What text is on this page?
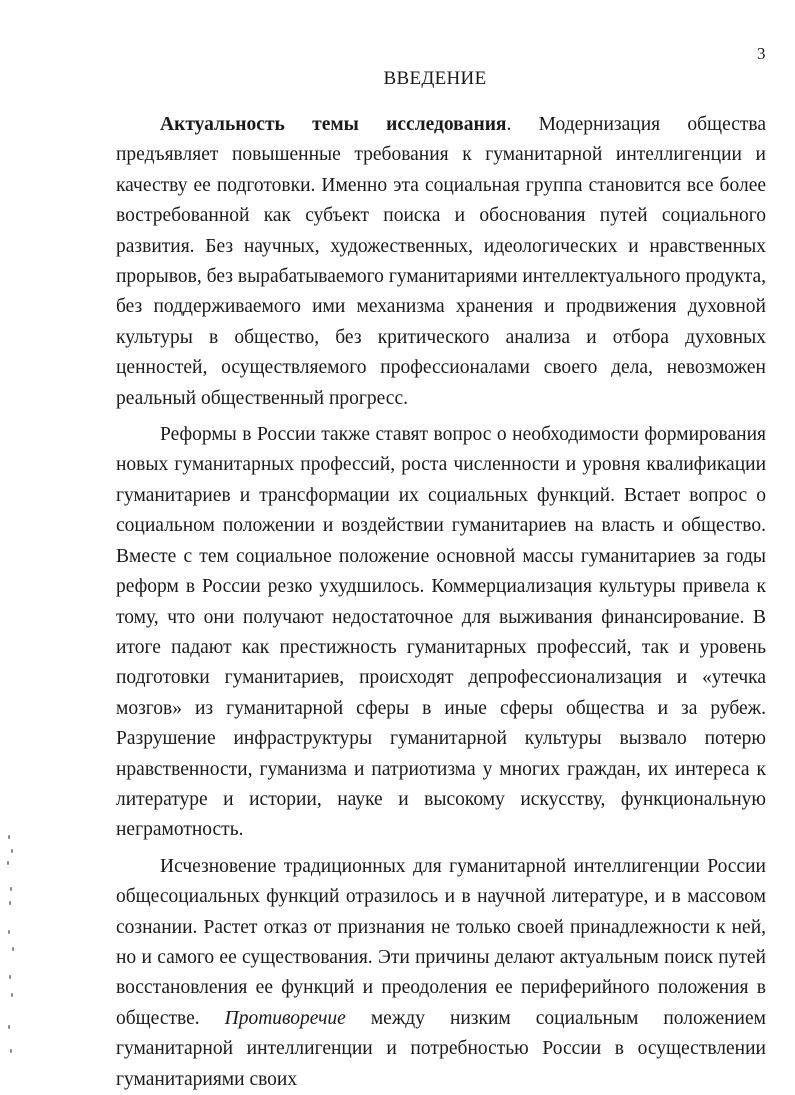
3
ВВЕДЕНИЕ

Актуальность темы исследования. Модернизация общества предъявляет повышенные требования к гуманитарной интеллигенции и качеству ее подготовки. Именно эта социальная группа становится все более востребованной как субъект поиска и обоснования путей социального развития. Без научных, художественных, идеологических и нравственных прорывов, без вырабатываемого гуманитариями интеллектуального продукта, без поддерживаемого ими механизма хранения и продвижения духовной культуры в общество, без критического анализа и отбора духовных ценностей, осуществляемого профессионалами своего дела, невозможен реальный общественный прогресс.

Реформы в России также ставят вопрос о необходимости формирования новых гуманитарных профессий, роста численности и уровня квалификации гуманитариев и трансформации их социальных функций. Встает вопрос о социальном положении и воздействии гуманитариев на власть и общество. Вместе с тем социальное положение основной массы гуманитариев за годы реформ в России резко ухудшилось. Коммерциализация культуры привела к тому, что они получают недостаточное для выживания финансирование. В итоге падают как престижность гуманитарных профессий, так и уровень подготовки гуманитариев, происходят депрофессионализация и «утечка мозгов» из гуманитарной сферы в иные сферы общества и за рубеж. Разрушение инфраструктуры гуманитарной культуры вызвало потерю нравственности, гуманизма и патриотизма у многих граждан, их интереса к литературе и истории, науке и высокому искусству, функциональную неграмотность.

Исчезновение традиционных для гуманитарной интеллигенции России общесоциальных функций отразилось и в научной литературе, и в массовом сознании. Растет отказ от признания не только своей принадлежности к ней, но и самого ее существования. Эти причины делают актуальным поиск путей восстановления ее функций и преодоления ее периферийного положения в обществе. Противоречие между низким социальным положением гуманитарной интеллигенции и потребностью России в осуществлении гуманитариями своих
